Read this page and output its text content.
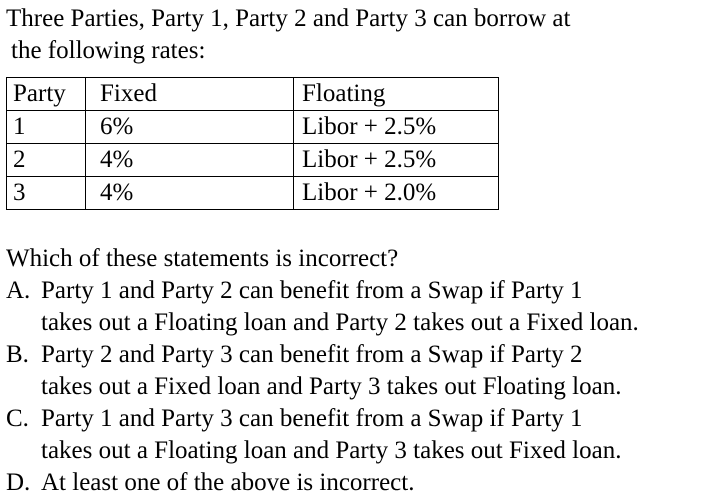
Three Parties, Party 1, Party 2 and Party 3 can borrow at
the following rates:
Party	Fixed	Floating
1	6%	Libor + 2.5%
2	4%	Libor + 2.5%
3	4%	Libor + 2.0%
Which of these statements is incorrect?
A. Party 1 and Party 2 can benefit from a Swap if Party 1
takes out a Floating loan and Party 2 takes out a Fixed loan.
B. Party 2 and Party 3 can benefit from a Swap if Party 2
takes out a Fixed loan and Party 3 takes out Floating loan.
C. Party 1 and Party 3 can benefit from a Swap if Party 1
takes out a Floating loan and Party 3 takes out Fixed loan.
D. At least one of the above is incorrect.
